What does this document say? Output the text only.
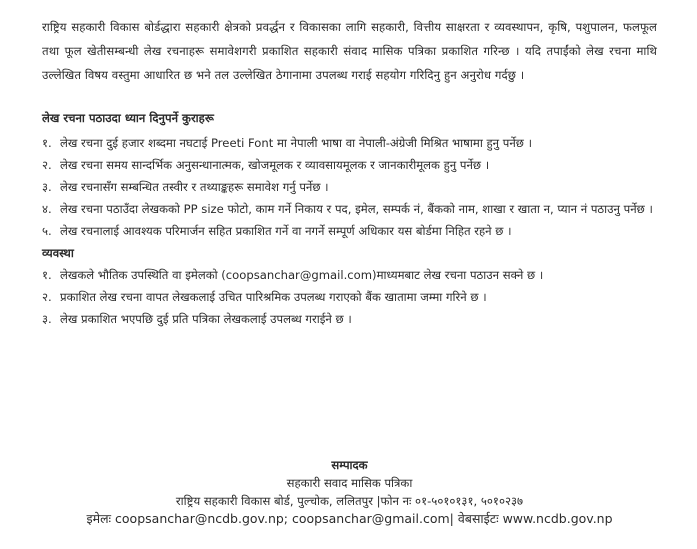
राष्ट्रिय सहकारी विकास बोर्डद्धारा सहकारी क्षेत्रको प्रवर्द्धन र विकासका लागि सहकारी, वित्तीय साक्षरता र व्यवस्थापन, कृषि, पशुपालन, फलफूल तथा फूल खेतीसम्बन्धी लेख रचनाहरू समावेशगरी प्रकाशित सहकारी संवाद मासिक पत्रिका प्रकाशित गरिन्छ । यदि तपाईंको लेख रचना माथि उल्लेखित विषय वस्तुमा आधारित छ भने तल उल्लेखित ठेगानामा उपलब्ध गराई सहयोग गरिदिनु हुन अनुरोध गर्दछु ।

लेख रचना पठाउदा ध्यान दिनुपर्ने कुराहरू
१. लेख रचना दुई हजार शब्दमा नघटाई Preeti Font मा नेपाली भाषा वा नेपाली-अंग्रेजी मिश्रित भाषामा हुनु पर्नेछ ।
२. लेख रचना समय सान्दर्भिक अनुसन्धानात्मक, खोजमूलक र व्यावसायमूलक र जानकारीमूलक हुनु पर्नेछ ।
३. लेख रचनासँग सम्बन्धित तस्वीर र तथ्याङ्कहरू समावेश गर्नु पर्नेछ ।
४. लेख रचना पठाउँदा लेखकको PP size फोटो, काम गर्ने निकाय र पद, इमेल, सम्पर्क नं, बैंकको नाम, शाखा र खाता न, प्यान नं पठाउनु पर्नेछ ।
५. लेख रचनालाई आवश्यक परिमार्जन सहित प्रकाशित गर्ने वा नगर्ने सम्पूर्ण अधिकार यस बोर्डमा निहित रहने छ ।
व्यवस्था
१. लेखकले भौतिक उपस्थिति वा इमेलको (coopsanchar@gmail.com)माध्यमबाट लेख रचना पठाउन सक्ने छ ।
२. प्रकाशित लेख रचना वापत लेखकलाई उचित पारिश्रमिक उपलब्ध गराएको बैंक खातामा जम्मा गरिने छ ।
३. लेख प्रकाशित भएपछि दुई प्रति पत्रिका लेखकलाई उपलब्ध गराईने छ ।
सम्पादक
सहकारी सवाद मासिक पत्रिका
राष्ट्रिय सहकारी विकास बोर्ड, पुल्चोक, ललितपुर |फोन नः ०१-५०१०१३१, ५०१०२३७
इमेलः coopsanchar@ncdb.gov.np; coopsanchar@gmail.com| वेबसाईटः www.ncdb.gov.np
